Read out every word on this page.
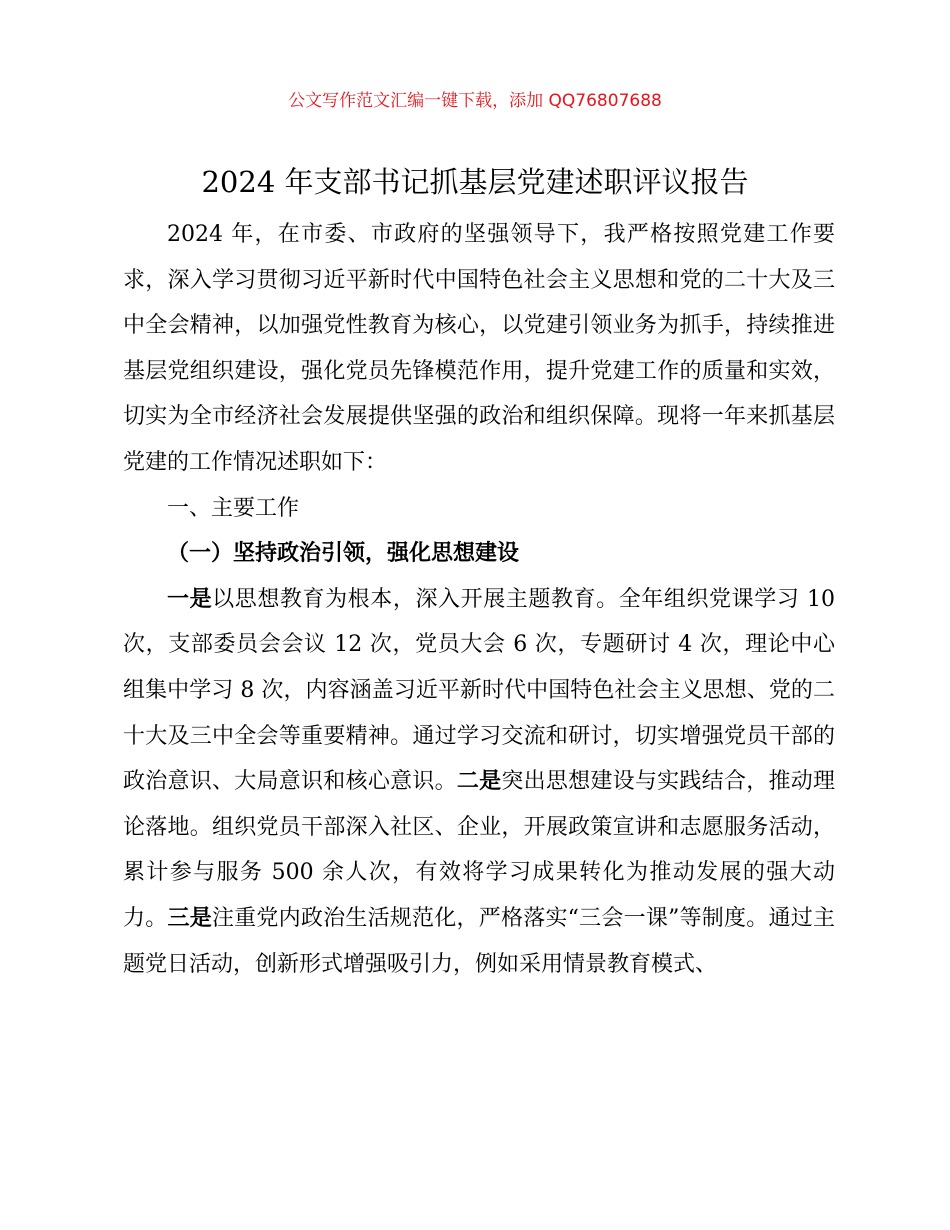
公文写作范文汇编一键下载，添加 QQ76807688
2024 年支部书记抓基层党建述职评议报告

2024 年，在市委、市政府的坚强领导下，我严格按照党建工作要求，深入学习贯彻习近平新时代中国特色社会主义思想和党的二十大及三中全会精神，以加强党性教育为核心，以党建引领业务为抓手，持续推进基层党组织建设，强化党员先锋模范作用，提升党建工作的质量和实效，切实为全市经济社会发展提供坚强的政治和组织保障。现将一年来抓基层党建的工作情况述职如下：

一、主要工作

（一）坚持政治引领，强化思想建设

一是以思想教育为根本，深入开展主题教育。全年组织党课学习 10 次，支部委员会会议 12 次，党员大会 6 次，专题研讨 4 次，理论中心组集中学习 8 次，内容涵盖习近平新时代中国特色社会主义思想、党的二十大及三中全会等重要精神。通过学习交流和研讨，切实增强党员干部的政治意识、大局意识和核心意识。二是突出思想建设与实践结合，推动理论落地。组织党员干部深入社区、企业，开展政策宣讲和志愿服务活动，累计参与服务 500 余人次，有效将学习成果转化为推动发展的强大动力。三是注重党内政治生活规范化，严格落实“三会一课”等制度。通过主题党日活动，创新形式增强吸引力，例如采用情景教育模式、
